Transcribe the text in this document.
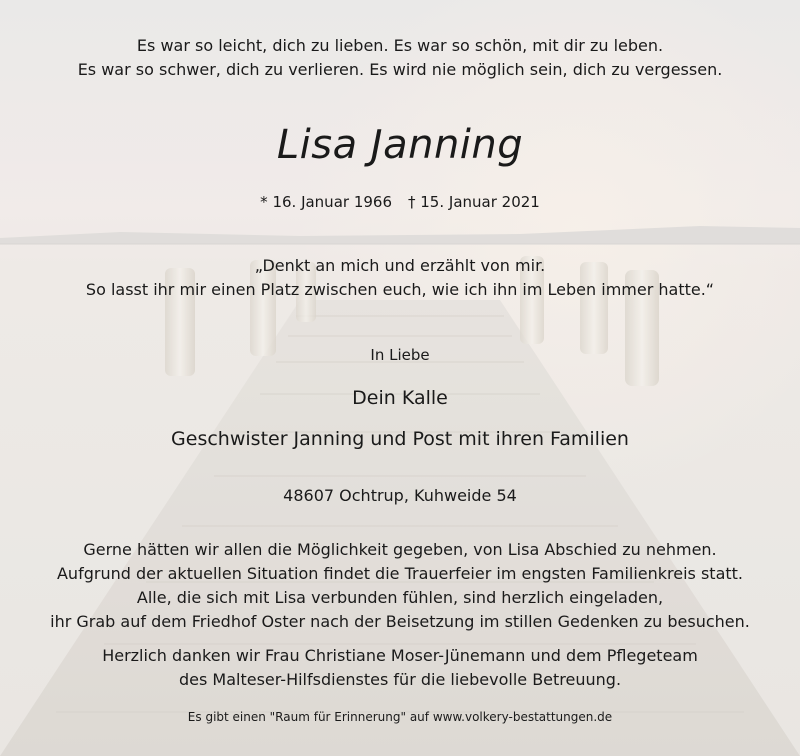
Es war so leicht, dich zu lieben. Es war so schön, mit dir zu leben.
Es war so schwer, dich zu verlieren. Es wird nie möglich sein, dich zu vergessen.
Lisa Janning
* 16. Januar 1966 † 15. Januar 2021
„Denkt an mich und erzählt von mir.
So lasst ihr mir einen Platz zwischen euch, wie ich ihn im Leben immer hatte.“
In Liebe
Dein Kalle
Geschwister Janning und Post mit ihren Familien
48607 Ochtrup, Kuhweide 54
Gerne hätten wir allen die Möglichkeit gegeben, von Lisa Abschied zu nehmen.
Aufgrund der aktuellen Situation findet die Trauerfeier im engsten Familienkreis statt.
Alle, die sich mit Lisa verbunden fühlen, sind herzlich eingeladen,
ihr Grab auf dem Friedhof Oster nach der Beisetzung im stillen Gedenken zu besuchen.
Herzlich danken wir Frau Christiane Moser-Jünemann und dem Pflegeteam
des Malteser-Hilfsdienstes für die liebevolle Betreuung.
Es gibt einen "Raum für Erinnerung" auf www.volkery-bestattungen.de
